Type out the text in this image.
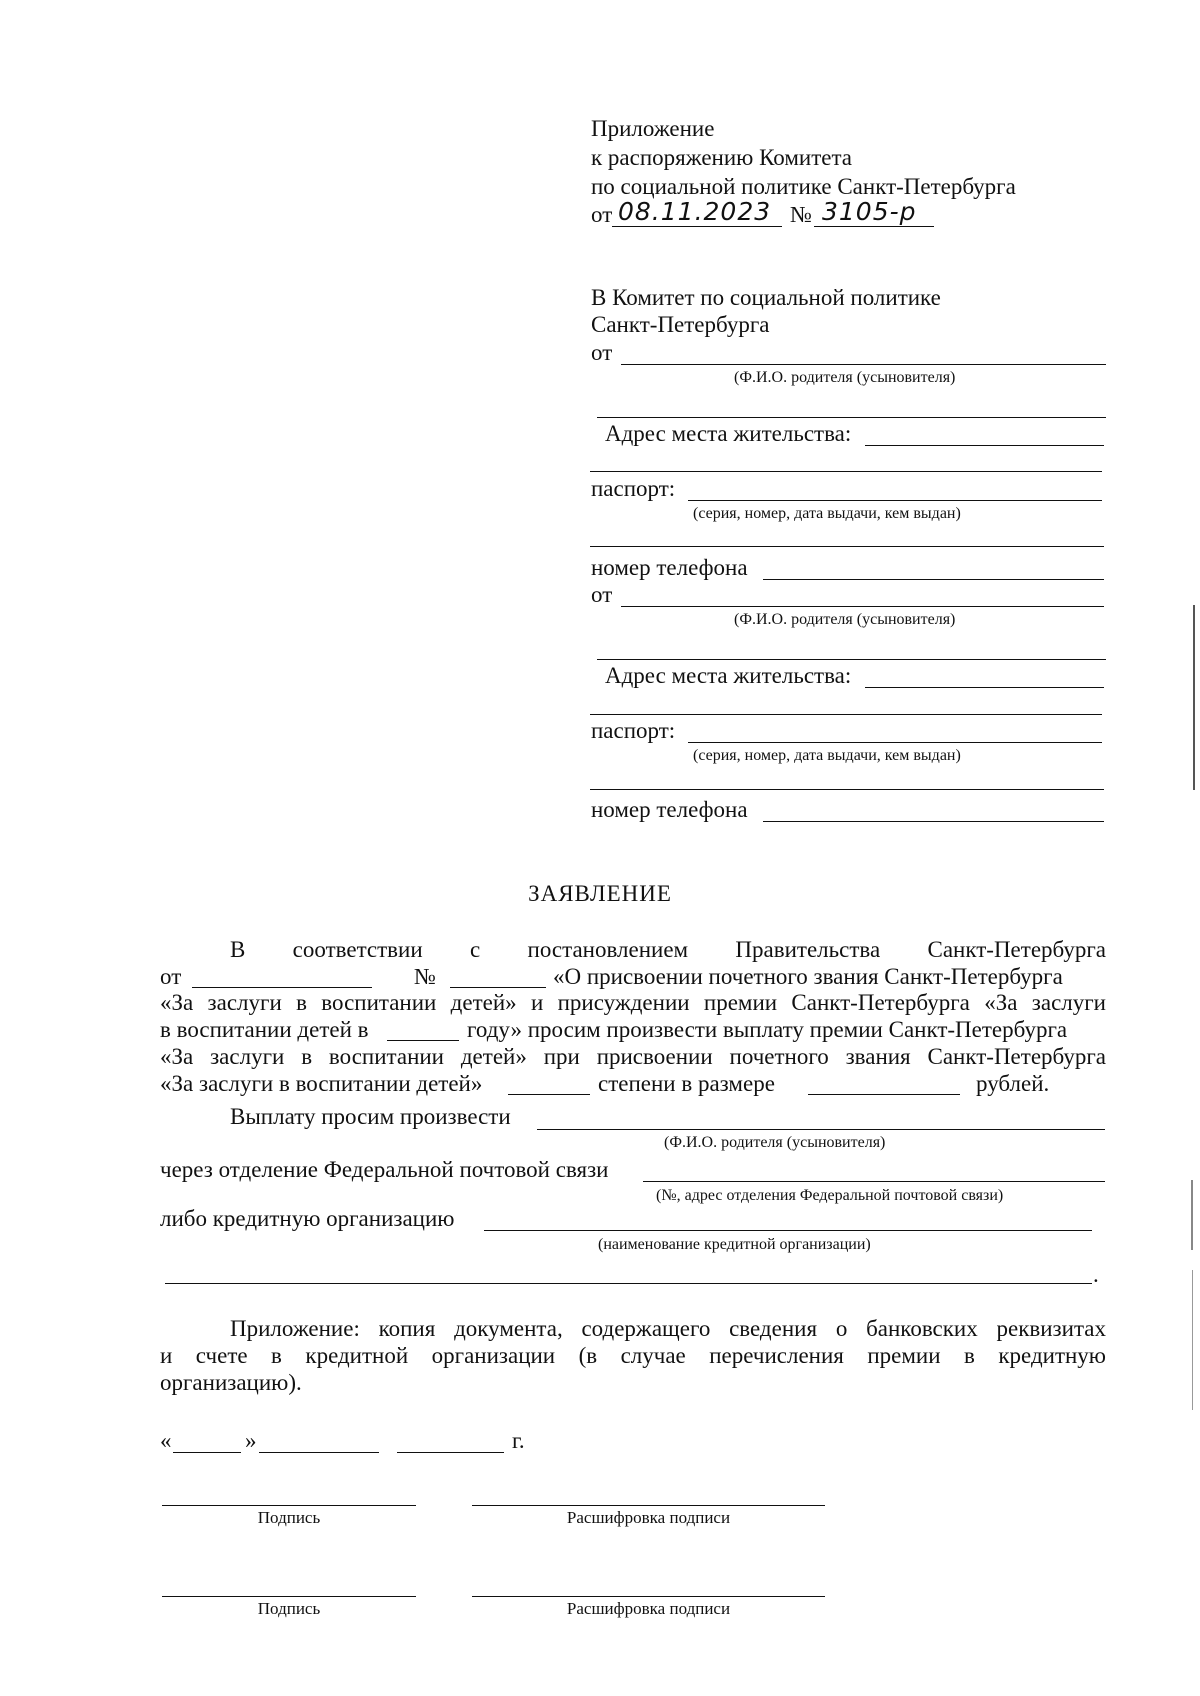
Приложение
к распоряжению Комитета
по социальной политике Санкт-Петербурга
от 08.11.2023 № 3105-р
В Комитет по социальной политике
Санкт-Петербурга
от
(Ф.И.О. родителя (усыновителя)
Адрес места жительства:
паспорт:
(серия, номер, дата выдачи, кем выдан)
номер телефона
от
(Ф.И.О. родителя (усыновителя)
Адрес места жительства:
паспорт:
(серия, номер, дата выдачи, кем выдан)
номер телефона
ЗАЯВЛЕНИЕ
В соответствии с постановлением Правительства Санкт-Петербурга
от	№	«О присвоении почетного звания Санкт-Петербурга
«За заслуги в воспитании детей» и присуждении премии Санкт-Петербурга «За заслуги
в воспитании детей в	году» просим произвести выплату премии Санкт-Петербурга
«За заслуги в воспитании детей» при присвоении почетного звания Санкт-Петербурга
«За заслуги в воспитании детей»	степени в размере	рублей.
Выплату просим произвести
(Ф.И.О. родителя (усыновителя)
через отделение Федеральной почтовой связи
(№, адрес отделения Федеральной почтовой связи)
либо кредитную организацию
(наименование кредитной организации)
.
Приложение: копия документа, содержащего сведения о банковских реквизитах
и счете в кредитной организации (в случае перечисления премии в кредитную
организацию).
«	»	г.
Подпись	Расшифровка подписи
Подпись	Расшифровка подписи
